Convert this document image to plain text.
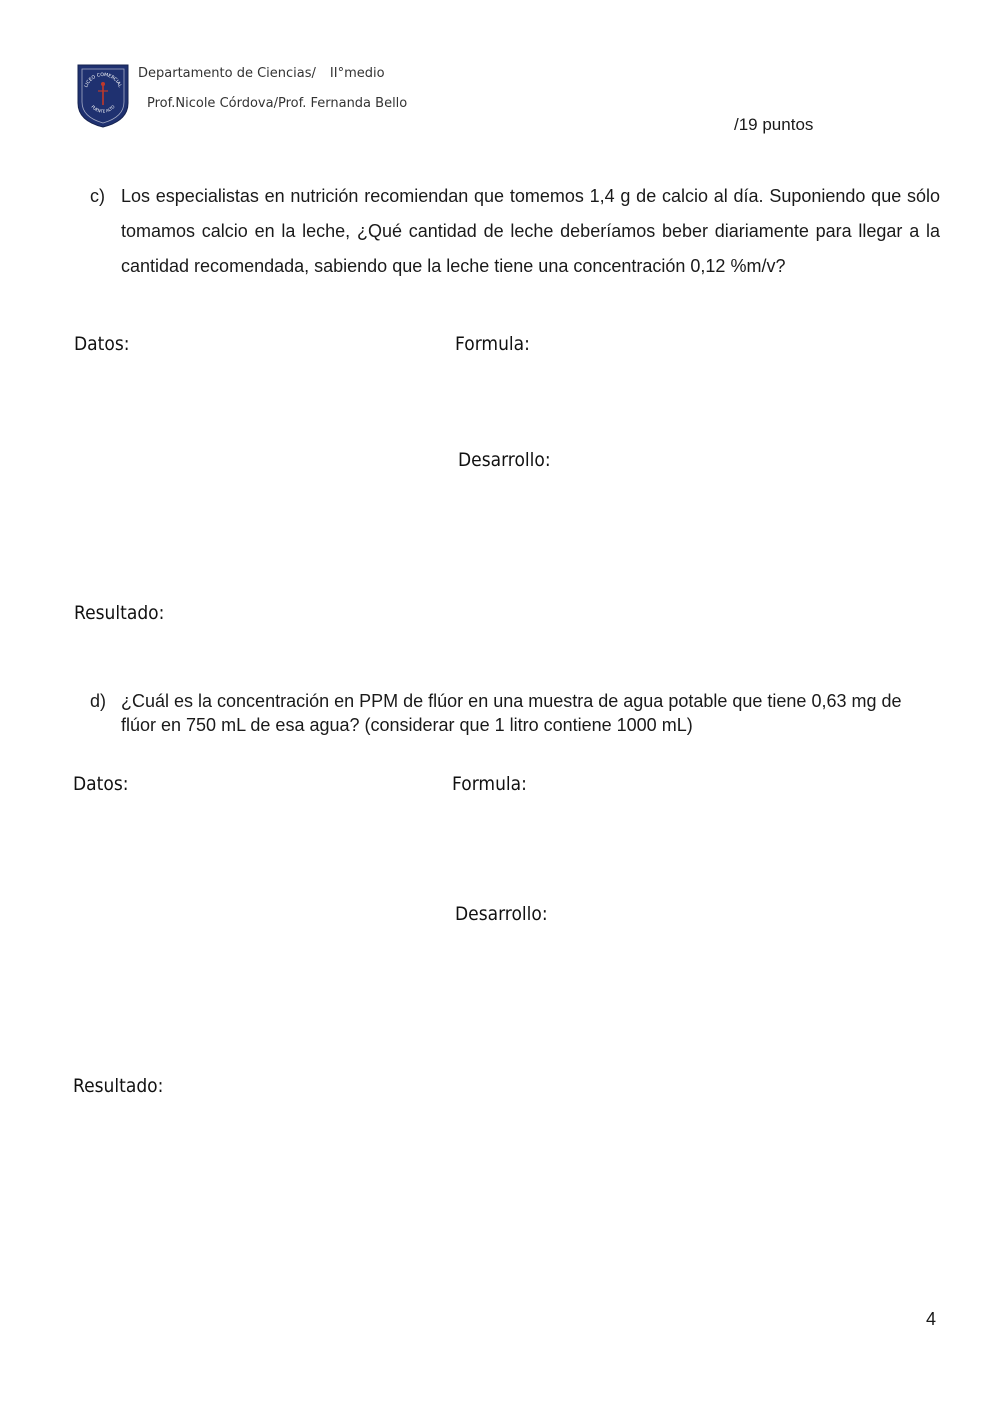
LICEO COMERCIAL
PUENTE ALTO
Departamento de Ciencias/ II°medio
Prof.Nicole Córdova/Prof. Fernanda Bello
/19 puntos
c) Los especialistas en nutrición recomiendan que tomemos 1,4 g de calcio al día. Suponiendo que sólo tomamos calcio en la leche, ¿Qué cantidad de leche deberíamos beber diariamente para llegar a la cantidad recomendada, sabiendo que la leche tiene una concentración 0,12 %m/v?
Datos:	Formula:
Desarrollo:
Resultado:
d) ¿Cuál es la concentración en PPM de flúor en una muestra de agua potable que tiene 0,63 mg de flúor en 750 mL de esa agua? (considerar que 1 litro contiene 1000 mL)
Datos:	Formula:
Desarrollo:
Resultado:
4
